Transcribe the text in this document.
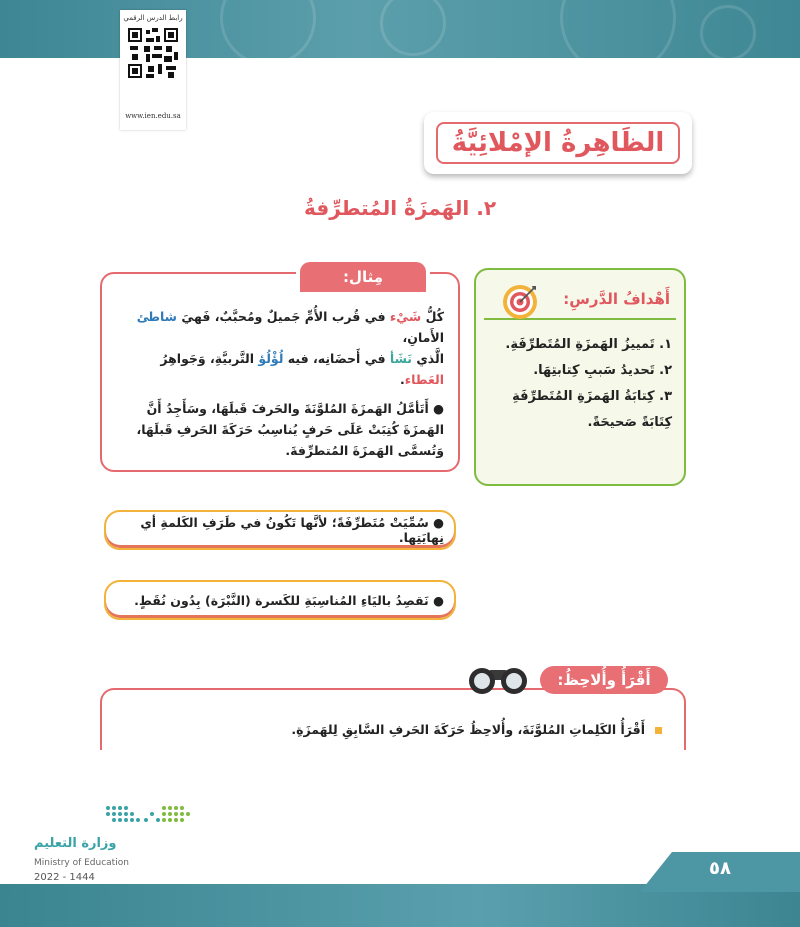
رابط الدرس الرقمي
www.ien.edu.sa
الظَاهِرةُ الإمْلائِيَّةُ
٢. الهَمزَةُ المُتطرِّفةُ
مِثال:
كُلُّ شَيْء في قُرب الأُمِّ جَميلٌ ومُحبَّبٌ، فَهيَ شاطئ الأَمانِ،
الَّذي نَشَأ في أَحضَانِه، فيه لُؤْلُؤ التَّربيَّةِ، وَجَواهِرُ العَطاء.
● أَتَأمَّلُ الهَمزَةَ المُلوَّنَةَ والحَرفَ قَبلَهَا، وسَأَجِدُ أَنَّ الهَمزَةَ كُتِبَتْ عَلَى حَرفٍ يُناسِبُ حَرَكَةَ الحَرفِ قَبلَهَا، وَتُسمَّى الهَمزَةَ المُتطرِّفةَ.
أَهْدافُ الدَّرسِ:
١. تَمييزُ الهَمزَةِ المُتَطرِّفَةِ.
٢. تَحديدُ سَببِ كِتابتِهَا.
٣. كِتابَةُ الهَمزَةِ المُتَطرِّفَةِ كِتَابَةً صَحيحَةً.
● سُمِّيَتْ مُتَطرِّفَةً؛ لأنَّها تَكُونُ في طَرَفِ الكَلمةِ أي نِهايَتِها.
● نَقصِدُ باليَاءِ المُناسِبَةِ للكَسرة (النَّبْرَة) بِدُون نُقَطٍ.
أَقْرَأُ وأُلاحِظُ:
أَقْرَأُ الكَلِماتِ المُلوَّنَةَ، وأُلاحِظُ حَرَكَةَ الحَرفِ السَّابِقِ لِلهَمزَةِ.
وزارة التعليم
Ministry of Education
2022 - 1444	٥٨
